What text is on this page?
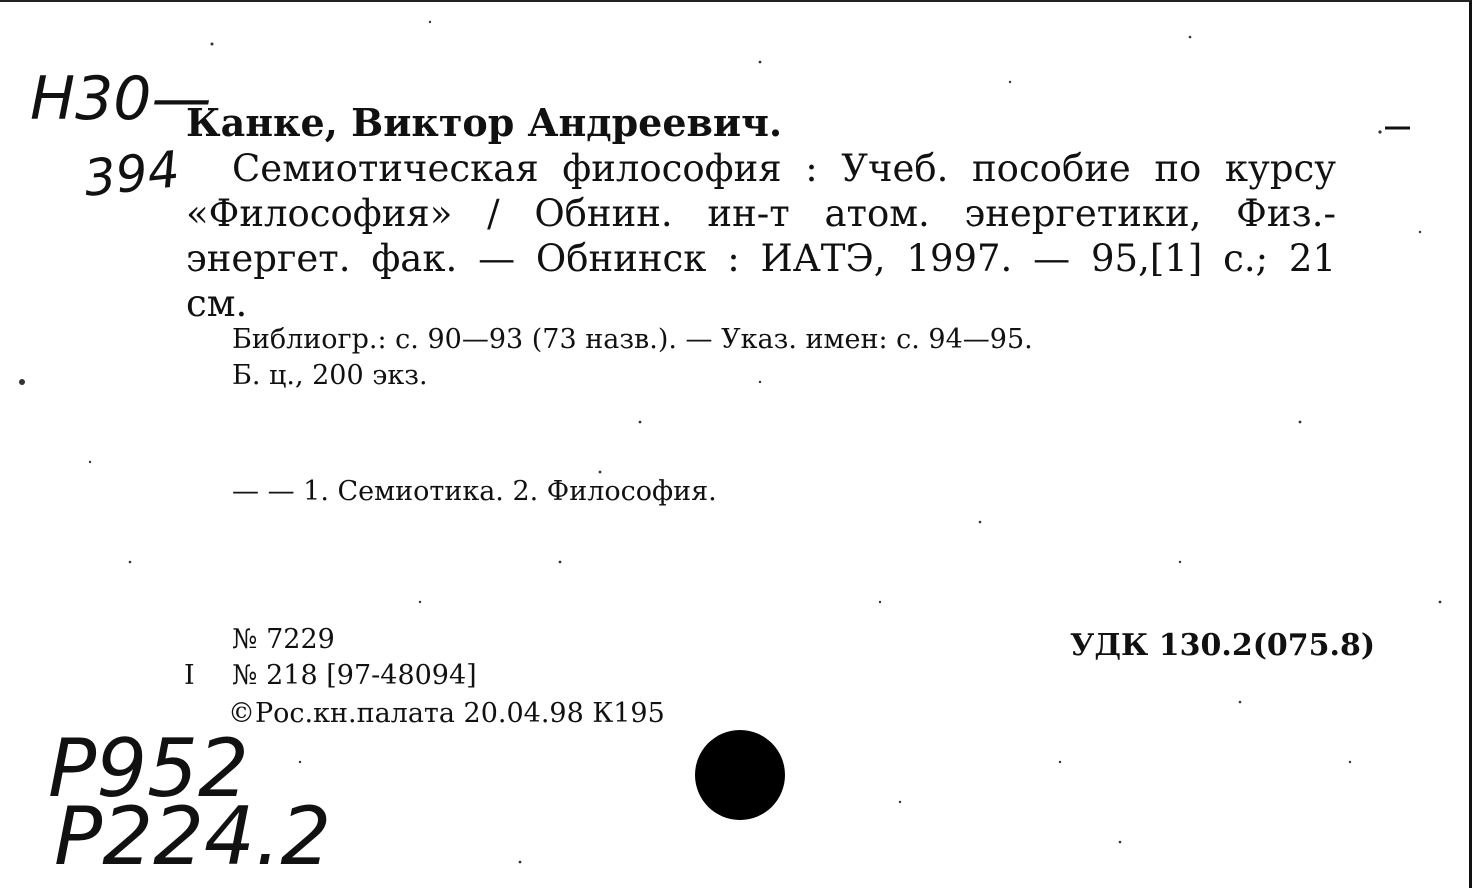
Н30—
394
Канке, Виктор Андреевич.
Семиотическая философия : Учеб. пособие по курсу
«Философия» / Обнин. ин-т атом. энергетики, Физ.-
энергет. фак. — Обнинск : ИАТЭ, 1997. — 95,[1] с.; 21
см.
Библиогр.: с. 90—93 (73 назв.). — Указ. имен: с. 94—95.
Б. ц., 200 экз.
— — 1. Семиотика. 2. Философия.
№ 7229
I № 218 [97-48094]
©Рос.кн.палата 20.04.98 К195
УДК 130.2(075.8)
Р952
Р224.2
